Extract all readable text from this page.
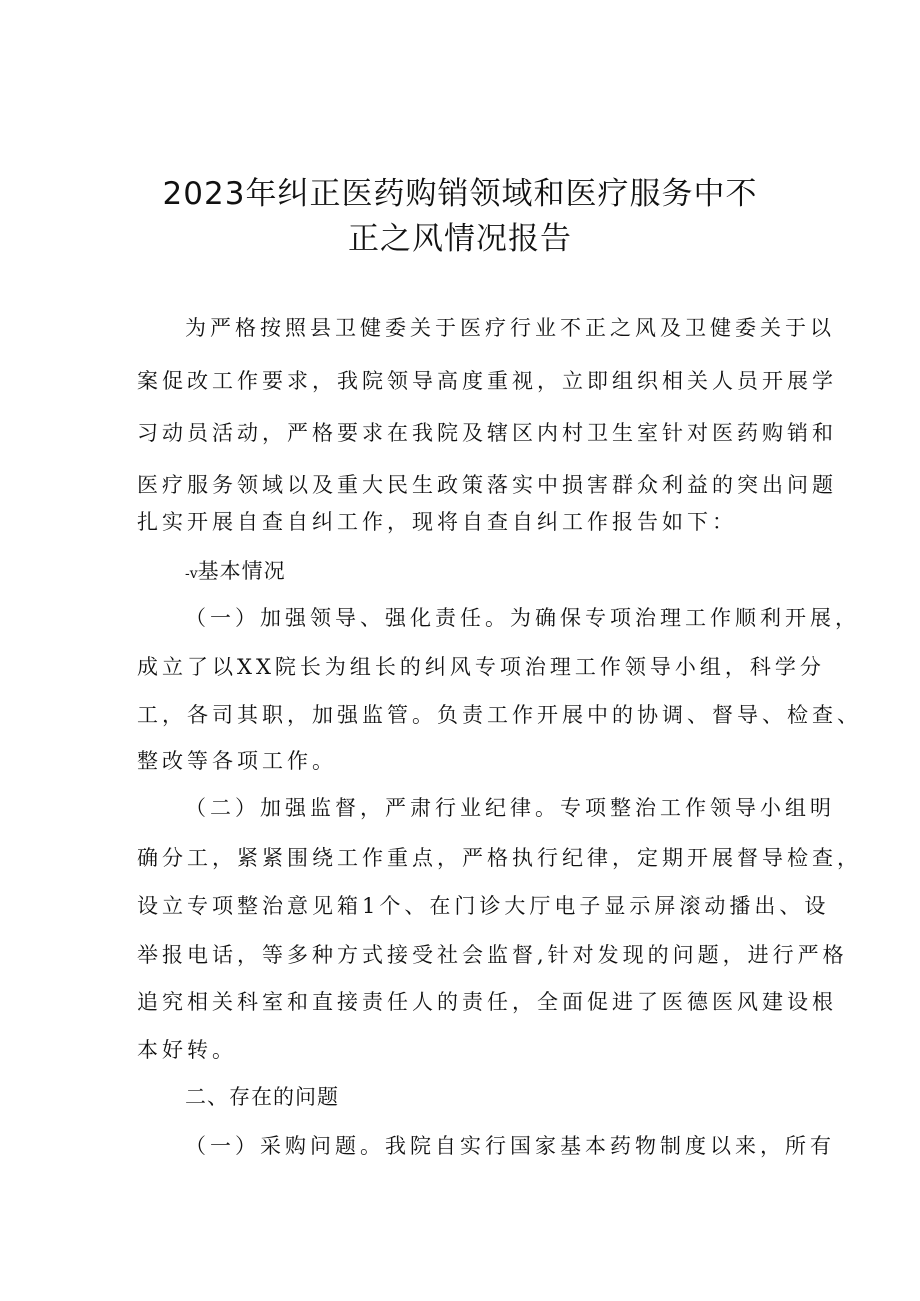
2023年纠正医药购销领域和医疗服务中不
正之风情况报告
为严格按照县卫健委关于医疗行业不正之风及卫健委关于以
案促改工作要求，我院领导高度重视，立即组织相关人员开展学
习动员活动，严格要求在我院及辖区内村卫生室针对医药购销和
医疗服务领域以及重大民生政策落实中损害群众利益的突出问题
扎实开展自查自纠工作，现将自查自纠工作报告如下：
-v基本情况
（一）加强领导、强化责任。为确保专项治理工作顺利开展，
成立了以XX院长为组长的纠风专项治理工作领导小组，科学分
工，各司其职，加强监管。负责工作开展中的协调、督导、检查、
整改等各项工作。
（二）加强监督，严肃行业纪律。专项整治工作领导小组明
确分工，紧紧围绕工作重点，严格执行纪律，定期开展督导检查，
设立专项整治意见箱1个、在门诊大厅电子显示屏滚动播出、设
举报电话，等多种方式接受社会监督,针对发现的问题，进行严格
追究相关科室和直接责任人的责任，全面促进了医德医风建设根
本好转。
二、存在的问题
（一）采购问题。我院自实行国家基本药物制度以来，所有
